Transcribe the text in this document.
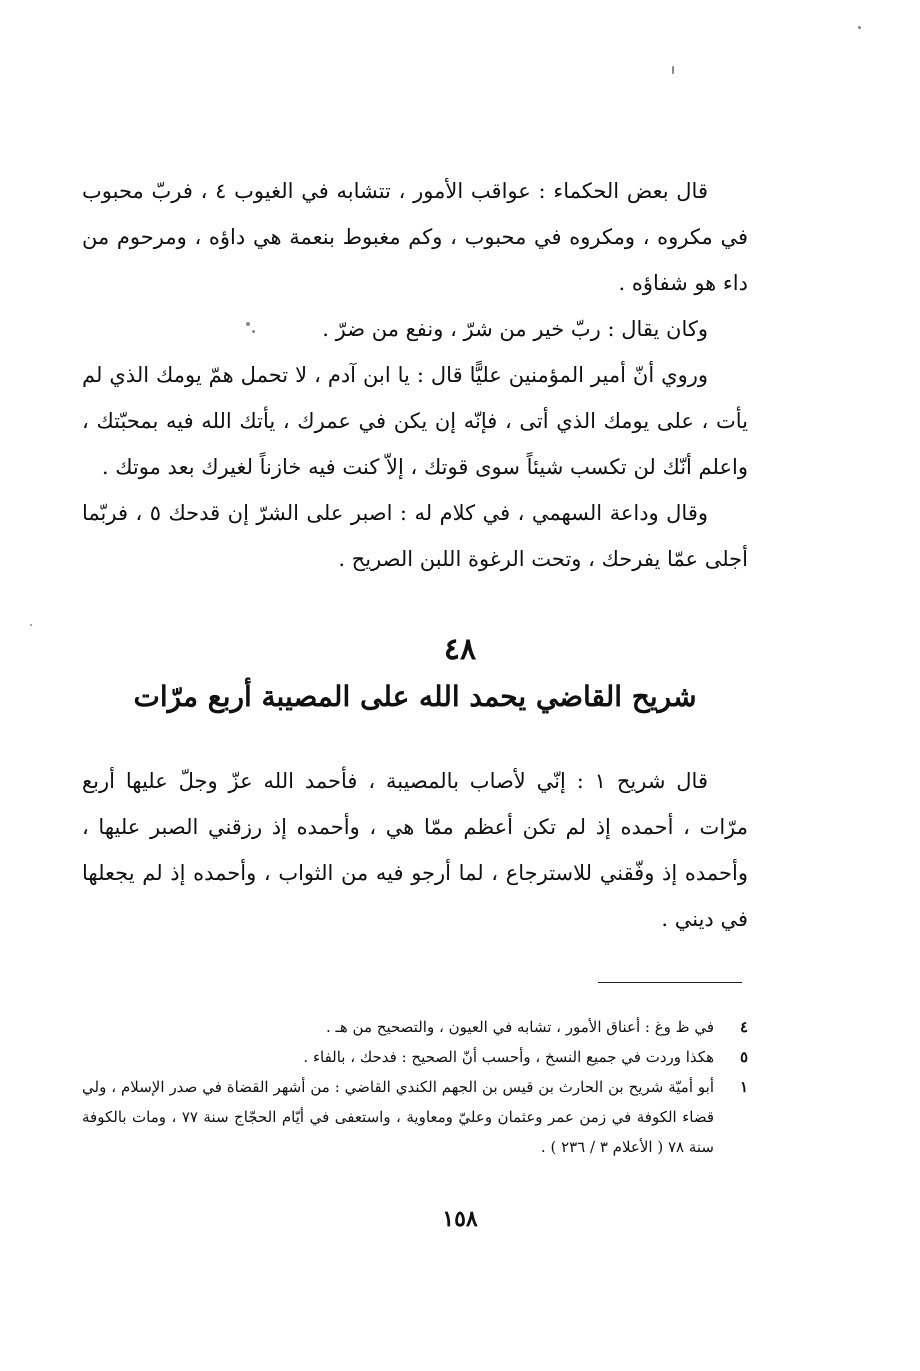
قال بعض الحكماء : عواقب الأمور ، تتشابه في الغيوب ٤ ، فربّ محبوب في مكروه ، ومكروه في محبوب ، وكم مغبوط بنعمة هي داؤه ، ومرحوم من داء هو شفاؤه .

وكان يقال : ربّ خير من شرّ ، ونفع من ضرّ .

وروي أنّ أمير المؤمنين عليًّا قال : يا ابن آدم ، لا تحمل همّ يومك الذي لم يأت ، على يومك الذي أتى ، فإنّه إن يكن في عمرك ، يأتك الله فيه بمحبّتك ، واعلم أنّك لن تكسب شيئاً سوى قوتك ، إلاّ كنت فيه خازناً لغيرك بعد موتك .

وقال وداعة السهمي ، في كلام له : اصبر على الشرّ إن قدحك ٥ ، فربّما أجلى عمّا يفرحك ، وتحت الرغوة اللبن الصريح .

٤٨
شريح القاضي يحمد الله على المصيبة أربع مرّات

قال شريح ١ : إنّي لأصاب بالمصيبة ، فأحمد الله عزّ وجلّ عليها أربع مرّات ، أحمده إذ لم تكن أعظم ممّا هي ، وأحمده إذ رزقني الصبر عليها ، وأحمده إذ وفّقني للاسترجاع ، لما أرجو فيه من الثواب ، وأحمده إذ لم يجعلها في ديني .

٤
في ظ وغ : أعناق الأمور ، تشابه في العيون ، والتصحيح من هـ .
٥
هكذا وردت في جميع النسخ ، وأحسب أنّ الصحيح : فدحك ، بالفاء .
١
أبو أميّة شريح بن الحارث بن قيس بن الجهم الكندي القاضي : من أشهر القضاة في صدر الإسلام ، ولي قضاء الكوفة في زمن عمر وعثمان وعليّ ومعاوية ، واستعفى في أيّام الحجّاج سنة ٧٧ ، ومات بالكوفة سنة ٧٨ ( الأعلام ٣ / ٢٣٦ ) .
١٥٨
